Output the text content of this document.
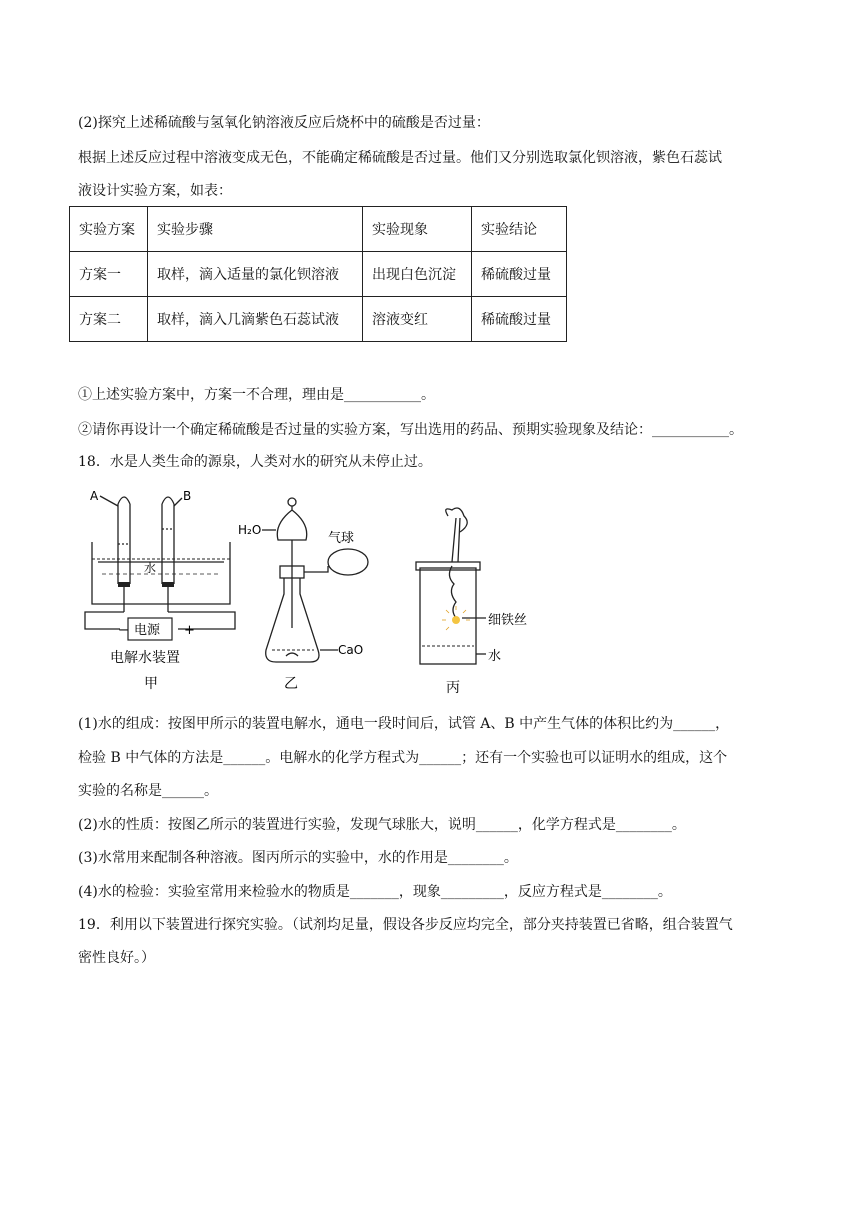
(2)探究上述稀硫酸与氢氧化钠溶液反应后烧杯中的硫酸是否过量：
根据上述反应过程中溶液变成无色，不能确定稀硫酸是否过量。他们又分别选取氯化钡溶液，紫色石蕊试
液设计实验方案，如表：
实验方案	实验步骤	实验现象	实验结论
方案一	取样，滴入适量的氯化钡溶液	出现白色沉淀	稀硫酸过量
方案二	取样，滴入几滴紫色石蕊试液	溶液变红	稀硫酸过量
①上述实验方案中，方案一不合理，理由是___________。
②请你再设计一个确定稀硫酸是否过量的实验方案，写出选用的药品、预期实验现象及结论：___________。
18．水是人类生命的源泉，人类对水的研究从未停止过。
A	B
水
电源
−	+
电解水装置
甲
H₂O
气球
CaO
乙
细铁丝
水
丙
(1)水的组成：按图甲所示的装置电解水，通电一段时间后，试管 A、B 中产生气体的体积比约为______，
检验 B 中气体的方法是______。电解水的化学方程式为______；还有一个实验也可以证明水的组成，这个
实验的名称是______。
(2)水的性质：按图乙所示的装置进行实验，发现气球胀大，说明______，化学方程式是________。
(3)水常用来配制各种溶液。图丙所示的实验中，水的作用是________。
(4)水的检验：实验室常用来检验水的物质是_______，现象_________，反应方程式是________。
19．利用以下装置进行探究实验。（试剂均足量，假设各步反应均完全，部分夹持装置已省略，组合装置气
密性良好。）
